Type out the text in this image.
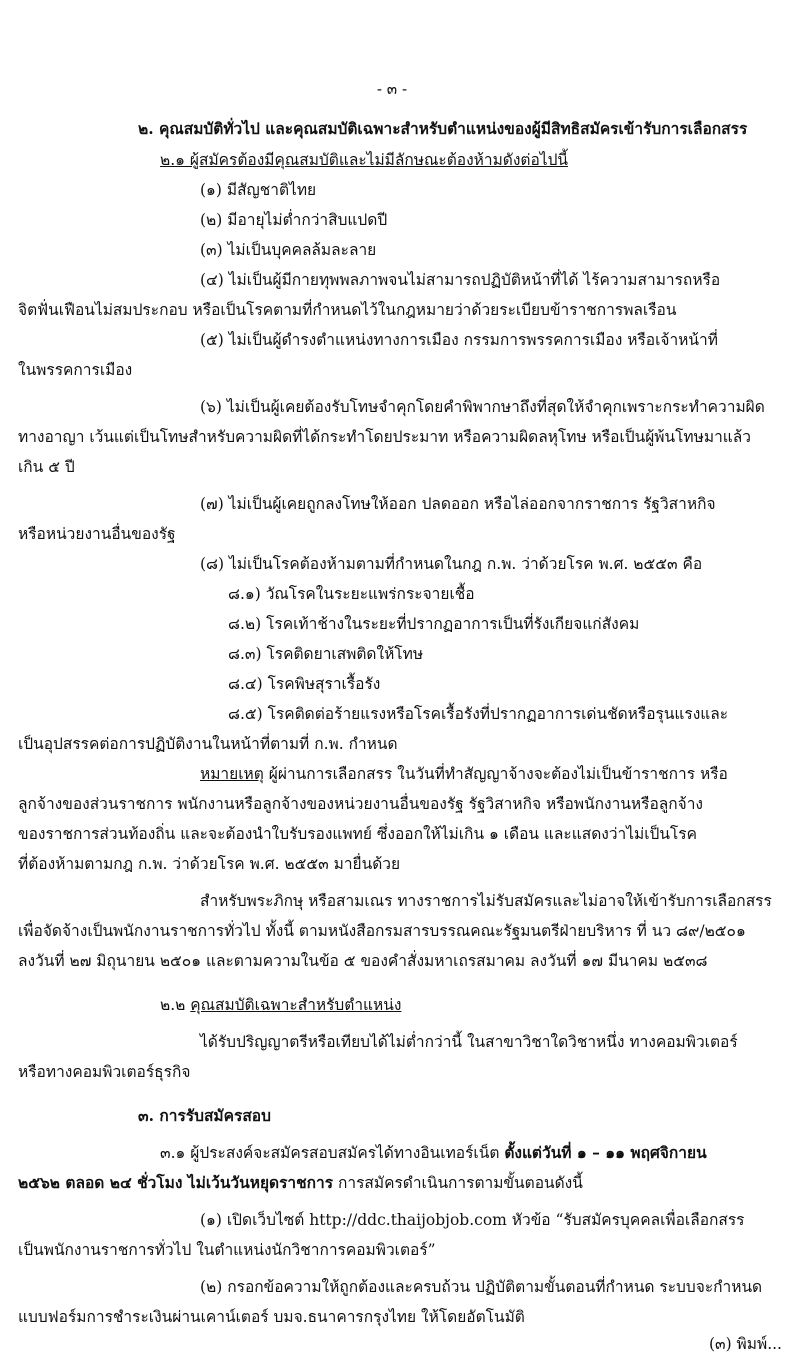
- ๓ -
๒. คุณสมบัติทั่วไป และคุณสมบัติเฉพาะสำหรับตำแหน่งของผู้มีสิทธิสมัครเข้ารับการเลือกสรร
๒.๑ ผู้สมัครต้องมีคุณสมบัติและไม่มีลักษณะต้องห้ามดังต่อไปนี้
(๑) มีสัญชาติไทย
(๒) มีอายุไม่ต่ำกว่าสิบแปดปี
(๓) ไม่เป็นบุคคลล้มละลาย
(๔) ไม่เป็นผู้มีกายทุพพลภาพจนไม่สามารถปฏิบัติหน้าที่ได้ ไร้ความสามารถหรือ
จิตฟั่นเฟือนไม่สมประกอบ หรือเป็นโรคตามที่กำหนดไว้ในกฎหมายว่าด้วยระเบียบข้าราชการพลเรือน
(๕) ไม่เป็นผู้ดำรงตำแหน่งทางการเมือง กรรมการพรรคการเมือง หรือเจ้าหน้าที่
ในพรรคการเมือง
(๖) ไม่เป็นผู้เคยต้องรับโทษจำคุกโดยคำพิพากษาถึงที่สุดให้จำคุกเพราะกระทำความผิด
ทางอาญา เว้นแต่เป็นโทษสำหรับความผิดที่ได้กระทำโดยประมาท หรือความผิดลหุโทษ หรือเป็นผู้พ้นโทษมาแล้ว
เกิน ๕ ปี
(๗) ไม่เป็นผู้เคยถูกลงโทษให้ออก ปลดออก หรือไล่ออกจากราชการ รัฐวิสาหกิจ
หรือหน่วยงานอื่นของรัฐ
(๘) ไม่เป็นโรคต้องห้ามตามที่กำหนดในกฎ ก.พ. ว่าด้วยโรค พ.ศ. ๒๕๕๓ คือ
๘.๑) วัณโรคในระยะแพร่กระจายเชื้อ
๘.๒) โรคเท้าช้างในระยะที่ปรากฏอาการเป็นที่รังเกียจแก่สังคม
๘.๓) โรคติดยาเสพติดให้โทษ
๘.๔) โรคพิษสุราเรื้อรัง
๘.๕) โรคติดต่อร้ายแรงหรือโรคเรื้อรังที่ปรากฏอาการเด่นชัดหรือรุนแรงและ
เป็นอุปสรรคต่อการปฏิบัติงานในหน้าที่ตามที่ ก.พ. กำหนด
หมายเหตุ ผู้ผ่านการเลือกสรร ในวันที่ทำสัญญาจ้างจะต้องไม่เป็นข้าราชการ หรือ
ลูกจ้างของส่วนราชการ พนักงานหรือลูกจ้างของหน่วยงานอื่นของรัฐ รัฐวิสาหกิจ หรือพนักงานหรือลูกจ้าง
ของราชการส่วนท้องถิ่น และจะต้องนำใบรับรองแพทย์ ซึ่งออกให้ไม่เกิน ๑ เดือน และแสดงว่าไม่เป็นโรค
ที่ต้องห้ามตามกฎ ก.พ. ว่าด้วยโรค พ.ศ. ๒๕๕๓ มายื่นด้วย
สำหรับพระภิกษุ หรือสามเณร ทางราชการไม่รับสมัครและไม่อาจให้เข้ารับการเลือกสรร
เพื่อจัดจ้างเป็นพนักงานราชการทั่วไป ทั้งนี้ ตามหนังสือกรมสารบรรณคณะรัฐมนตรีฝ่ายบริหาร ที่ นว ๘๙/๒๕๐๑
ลงวันที่ ๒๗ มิถุนายน ๒๕๐๑ และตามความในข้อ ๕ ของคำสั่งมหาเถรสมาคม ลงวันที่ ๑๗ มีนาคม ๒๕๓๘
๒.๒ คุณสมบัติเฉพาะสำหรับตำแหน่ง
ได้รับปริญญาตรีหรือเทียบได้ไม่ต่ำกว่านี้ ในสาขาวิชาใดวิชาหนึ่ง ทางคอมพิวเตอร์
หรือทางคอมพิวเตอร์ธุรกิจ
๓. การรับสมัครสอบ
๓.๑ ผู้ประสงค์จะสมัครสอบสมัครได้ทางอินเทอร์เน็ต ตั้งแต่วันที่ ๑ – ๑๑ พฤศจิกายน
๒๕๖๒ ตลอด ๒๔ ชั่วโมง ไม่เว้นวันหยุดราชการ การสมัครดำเนินการตามขั้นตอนดังนี้
(๑) เปิดเว็บไซต์ http://ddc.thaijobjob.com หัวข้อ “รับสมัครบุคคลเพื่อเลือกสรร
เป็นพนักงานราชการทั่วไป ในตำแหน่งนักวิชาการคอมพิวเตอร์”
(๒) กรอกข้อความให้ถูกต้องและครบถ้วน ปฏิบัติตามขั้นตอนที่กำหนด ระบบจะกำหนด
แบบฟอร์มการชำระเงินผ่านเคาน์เตอร์ บมจ.ธนาคารกรุงไทย ให้โดยอัตโนมัติ
(๓) พิมพ์...
